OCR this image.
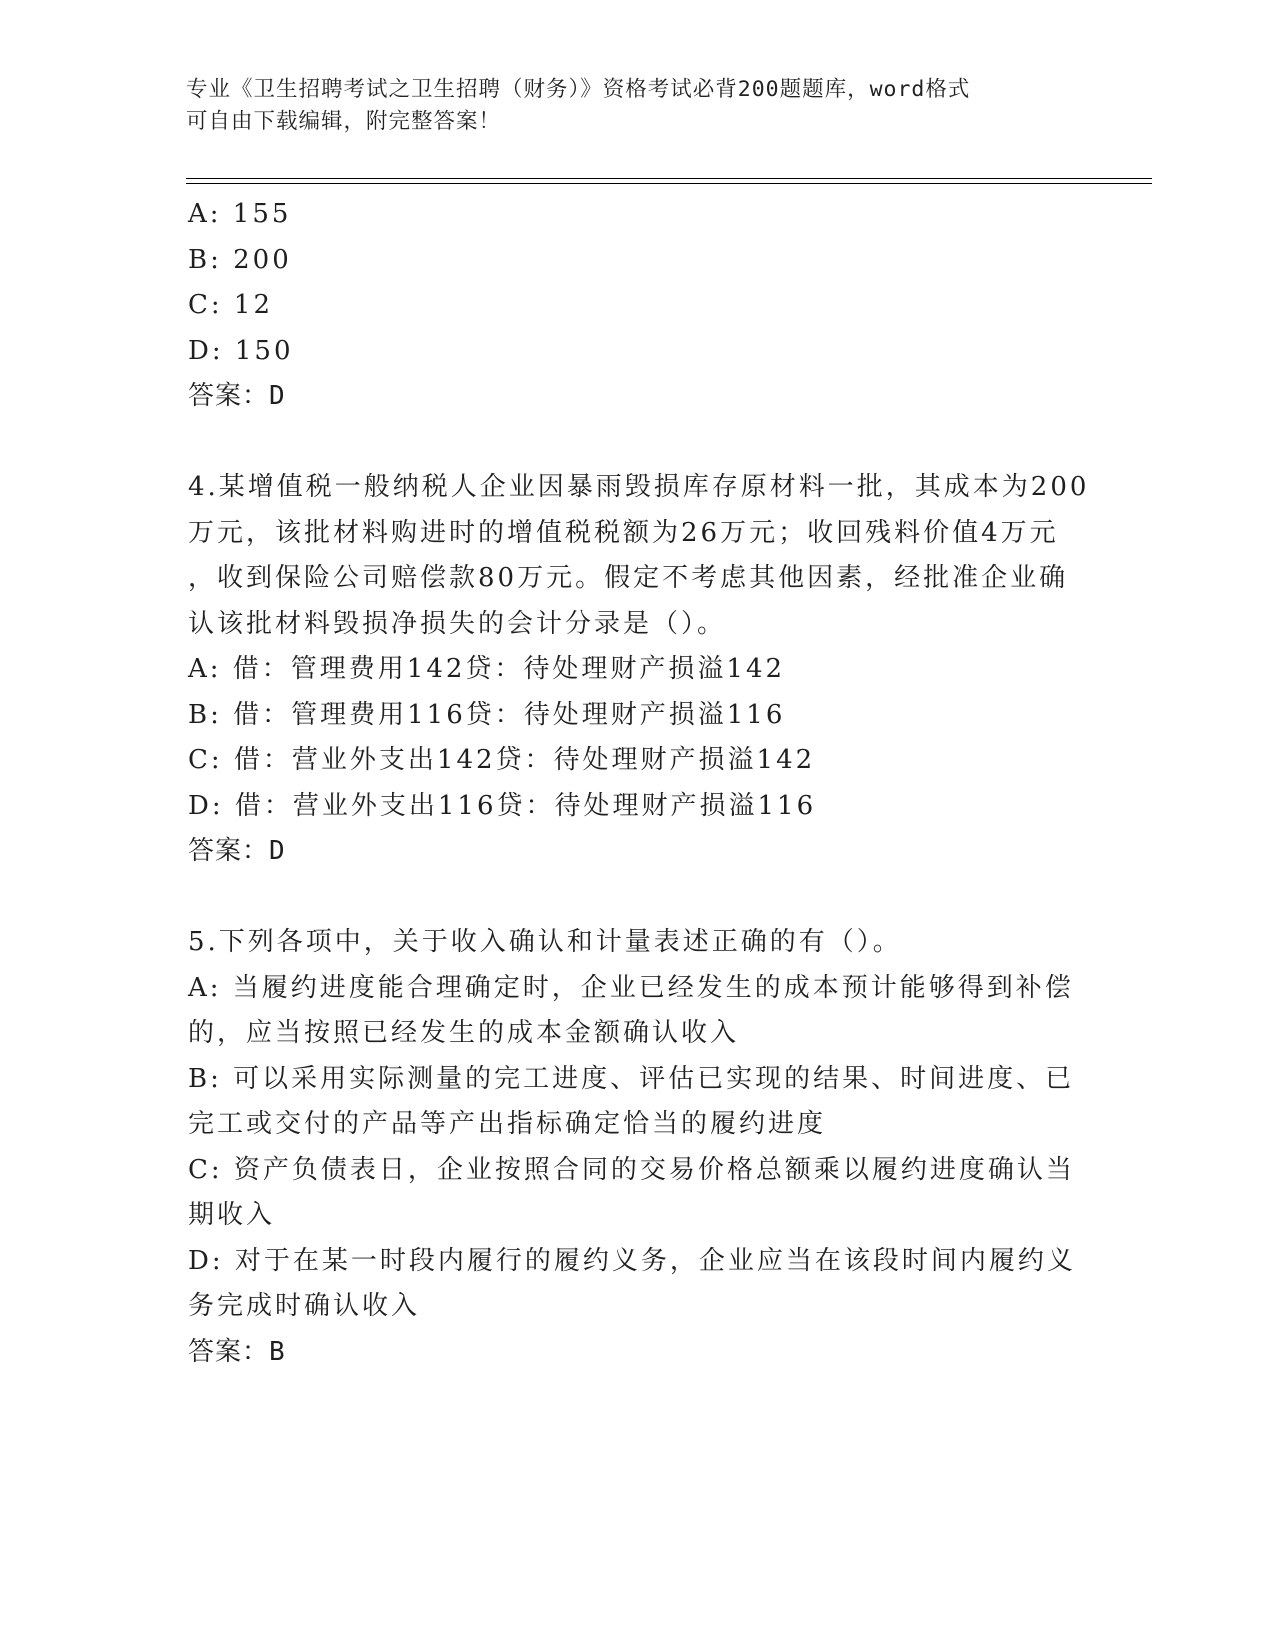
专业《卫生招聘考试之卫生招聘（财务）》资格考试必背200题题库，word格式
可自由下载编辑，附完整答案！
A: 155
B: 200
C: 12
D: 150
答案：D
4.某增值税一般纳税人企业因暴雨毁损库存原材料一批，其成本为200
万元，该批材料购进时的增值税税额为26万元；收回残料价值4万元
，收到保险公司赔偿款80万元。假定不考虑其他因素，经批准企业确
认该批材料毁损净损失的会计分录是（）。
A: 借：管理费用142贷：待处理财产损溢142
B: 借：管理费用116贷：待处理财产损溢116
C: 借：营业外支出142贷：待处理财产损溢142
D: 借：营业外支出116贷：待处理财产损溢116
答案：D
5.下列各项中，关于收入确认和计量表述正确的有（）。
A: 当履约进度能合理确定时，企业已经发生的成本预计能够得到补偿
的，应当按照已经发生的成本金额确认收入
B: 可以采用实际测量的完工进度、评估已实现的结果、时间进度、已
完工或交付的产品等产出指标确定恰当的履约进度
C: 资产负债表日，企业按照合同的交易价格总额乘以履约进度确认当
期收入
D: 对于在某一时段内履行的履约义务，企业应当在该段时间内履约义
务完成时确认收入
答案：B
